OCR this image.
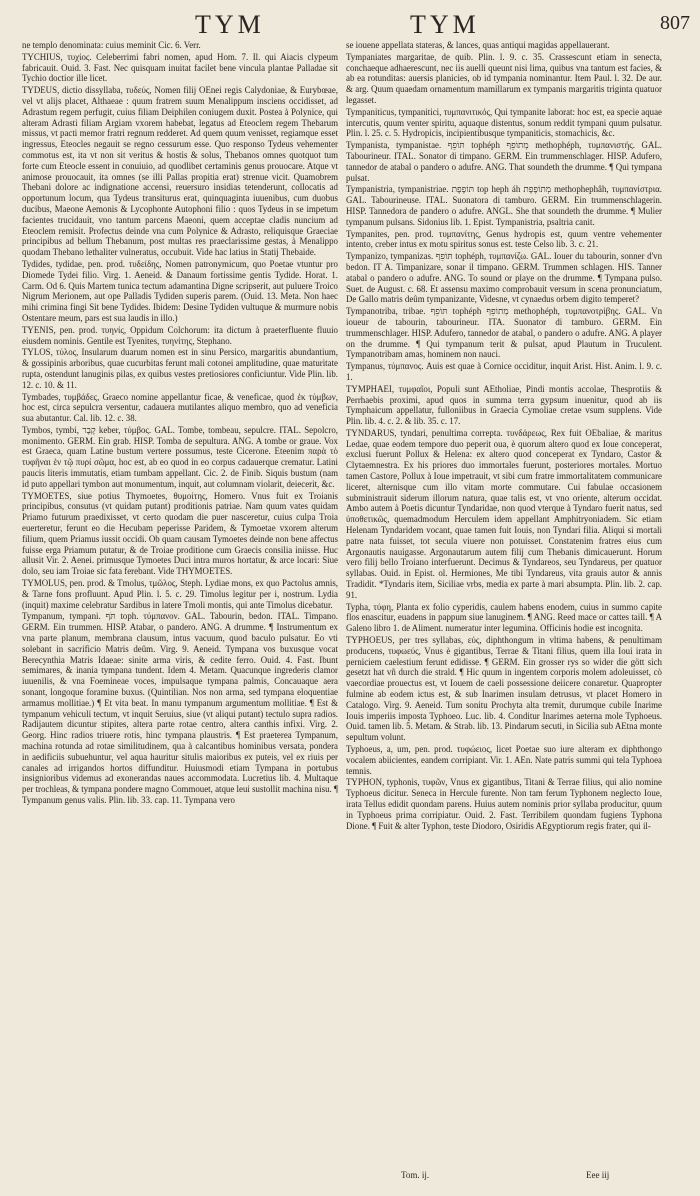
TYM	TYM	807

ne templo denominata: cuius meminit Cic. 6. Verr.

TYCHIUS, τυχίος. Celeberrimi fabri nomen, apud Hom. 7. Il. qui Aiacis clypeum fabricauit. Ouid. 3. Fast. Nec quisquam inuitat facilet bene vincula plantae Palladae sit Tychio doctior ille licet.

TYDEUS, dictio dissyllaba, τυδεύς, Nomen filij OEnei regis Calydoniae, & Eurybœae, vel vt alijs placet, Althaeae : quum fratrem suum Menalippum insciens occidisset, ad Adrastum regem perfugit, cuius filiam Deiphilen coniugem duxit. Postea à Polynice, qui alteram Adrasti filiam Argiam vxorem habebat, legatus ad Eteoclem regem Thebarum missus, vt pacti memor fratri regnum redderet. Ad quem quum venisset, regiamque esset ingressus, Eteocles negauit se regno cessurum esse. Quo responso Tydeus vehementer commotus est, ita vt non sit veritus & hostis & solus, Thebanos omnes quotquot tum forte cum Eteocle essent in conuiuio, ad quodlibet certaminis genus prouocare. Atque vt animose prouocauit, ita omnes (se illi Pallas propitia erat) strenue vicit. Quamobrem Thebani dolore ac indignatione accensi, reuersuro insidias tetenderunt, collocatis ad opportunum locum, qua Tydeus transiturus erat, quinquaginta iuuenibus, cum duobus ducibus, Maeone Aemonis & Lycophonte Autophoni filio : quos Tydeus in se impetum facientes trucidauit, vno tantum parcens Maeoni, quem acceptae cladis nuncium ad Eteoclem remisit. Profectus deinde vna cum Polynice & Adrasto, reliquisque Graeciae principibus ad bellum Thebanum, post multas res praeclarissime gestas, à Menalippo quodam Thebano lethaliter vulneratus, occubuit. Vide hac latius in Statij Thebaide.

Tydides, tydidae, pen. prod. τυδείδης, Nomen patronymicum, quo Poetae vtuntur pro Diomede Tydei filio. Virg. 1. Aeneid. & Danaum fortissime gentis Tydide. Horat. 1. Carm. Od 6. Quis Martem tunica tectum adamantina Digne scripserit, aut puluere Troico Nigrum Merionem, aut ope Palladis Tydiden superis parem. (Ouid. 13. Meta. Non haec mihi crimina fingi Sit bene Tydides. Ibidem: Desine Tydiden vultuque & murmure nobis Ostentare meum, pars est sua laudis in illo.)

TYENIS, pen. prod. τυηνίς, Oppidum Colchorum: ita dictum à praeterfluente fluuio eiusdem nominis. Gentile est Tyenites, τυηνίτης, Stephano.

TYLOS, τύλος, Insularum duarum nomen est in sinu Persico, margaritis abundantium, & gossipinis arboribus, quae cucurbitas ferunt mali cotonei amplitudine, quae maturitate rupta, ostendunt lanuginis pilas, ex quibus vestes pretiosiores conficiuntur. Vide Plin. lib. 12. c. 10. & 11.

Tymbades, τυμβάδες, Graeco nomine appellantur ficae, & veneficae, quod ἐκ τύμβων, hoc est, circa sepulcra versentur, cadauera mutilantes aliquo membro, quo ad veneficia sua abutantur. Cal. lib. 12. c. 38.

Tymbos, tymbi, קֶבֶר keber, τύμβος. GAL. Tombe, tombeau, sepulcre. ITAL. Sepolcro, monimento. GERM. Ein grab. HISP. Tomba de sepultura. ANG. A tombe or graue. Vox est Graeca, quam Latine bustum vertere possumus, teste Cicerone. Eteenim παρὰ τὸ τυφῆναι ἐν τῷ πυρί σῶμα, hoc est, ab eo quod in eo corpus cadauerque crematur. Latini paucis literis immutatis, etiam tumbam appellant. Cic. 2. de Finib. Siquis bustum (nam id puto appellari tymbon aut monumentum, inquit, aut columnam violarit, deiecerit, &c.

TYMOETES, siue potius Thymoetes, θυμοίτης, Homero. Vnus fuit ex Troianis principibus, consutus (vt quidam putant) proditionis patriae. Nam quum vates quidam Priamo futurum praedixisset, vt certo quodam die puer nasceretur, cuius culpa Troia euerteretur, ferunt eo die Hecubam peperisse Paridem, & Tymoetae vxorem alterum filium, quem Priamus iussit occidi. Ob quam causam Tymoetes deinde non bene affectus fuisse erga Priamum putatur, & de Troiae proditione cum Graecis consilia iniisse. Huc allusit Vir. 2. Aenei. primusque Tymoetes Duci intra muros hortatur, & arce locari: Siue dolo, seu iam Troiae sic fata ferebant. Vide THYMOETES.

TYMOLUS, pen. prod. & Tmolus, τμῶλος, Steph. Lydiae mons, ex quo Pactolus amnis, & Tarne fons profluunt. Apud Plin. l. 5. c. 29. Timolus legitur per i, nostrum. Lydia (inquit) maxime celebratur Sardibus in latere Tmoli montis, qui ante Timolus dicebatur.

Tympanum, tympani. תֹּף toph. τύμπανον. GAL. Tabourin, bedon. ITAL. Timpano. GERM. Ein trummen. HISP. Atabar, o pandero. ANG. A drumme. ¶ Instrumentum ex vna parte planum, membrana clausum, intus vacuum, quod baculo pulsatur. Eo vti solebant in sacrificio Matris deûm. Virg. 9. Aeneid. Tympana vos buxusque vocat Berecynthia Matris Idaeae: sinite arma viris, & cedite ferro. Ouid. 4. Fast. Ibunt semimares, & inania tympana tundent. Idem 4. Metam. Quacunque ingrederis clamor iuuenilis, & vna Foemineae voces, impulsaque tympana palmis, Concauaque aera sonant, longoque foramine buxus. (Quintilian. Nos non arma, sed tympana eloquentiae armamus mollitiae.) ¶ Et vita beat. In manu tympanum argumentum mollitiae. ¶ Est & tympanum vehiculi tectum, vt inquit Seruius, siue (vt aliqui putant) tectulo supra radios. Radijautem dicuntur stipites, altera parte rotae centro, altera canthis infixi. Virg. 2. Georg. Hinc radios triuere rotis, hinc tympana plaustris. ¶ Est praeterea Tympanum, machina rotunda ad rotae similitudinem, qua à calcantibus hominibus versata, pondera in aedificiis subuehuntur, vel aqua hauritur situlis maioribus ex puteis, vel ex riuis per canales ad irrigandos hortos diffunditur. Huiusmodi etiam Tympana in portubus insignioribus videmus ad exonerandas naues accommodata. Lucretius lib. 4. Multaque per trochleas, & tympana pondere magno Commouet, atque leui sustollit machina nisu. ¶ Tympanum genus valis. Plin. lib. 33. cap. 11. Tympana vero

se iouene appellata stateras, & lances, quas antiqui magidas appellauerant.

Tympaniates margaritae, de quib. Plin. l. 9. c. 35. Crassescunt etiam in senecta, conchaeque adhaerescunt, nec iis auelli queunt nisi lima, quibus vna tantum est facies, & ab ea rotunditas: auersis planicies, ob id tympania nominantur. Item Paul. l. 32. De aur. & arg. Quum quaedam ornamentum mamillarum ex tympanis margaritis triginta quatuor legasset.

Tympaniticus, tympanitici, τυμπανιτικός, Qui tympanite laborat: hoc est, ea specie aquae intercutis, quum venter spiritu, aquaque distentus, sonum reddit tympani quum pulsatur. Plin. l. 25. c. 5. Hydropicis, incipientibusque tympaniticis, stomachicis, &c.

Tympanista, tympanistae. תּוֹפֵף tophéph מְתוֹפֵף methophéph, τυμπανιστής. GAL. Tabourineur. ITAL. Sonator di timpano. GERM. Ein trummenschlager. HISP. Adufero, tannedor de atabal o pandero o adufre. ANG. That soundeth the drumme. ¶ Qui tympana pulsat.

Tympanistria, tympanistriae. תּוֹפֶפֶת top heph áh מְתוֹפֶפֶת methophephâh, τυμπανίστρια. GAL. Tabourineuse. ITAL. Suonatora di tamburo. GERM. Ein trummenschlagerin. HISP. Tannedora de pandero o adufre. ANGL. She that soundeth the drumme. ¶ Mulier tympanum pulsans. Sidonius lib. 1. Epist. Tympanistria, psaltria canit.

Tympanites, pen. prod. τυμπανίτης, Genus hydropis est, quum ventre vehementer intento, creber intus ex motu spiritus sonus est. teste Celso lib. 3. c. 21.

Tympanizo, tympanizas. תּוֹפֵף tophéph, τυμπανίζω. GAL. Iouer du tabourin, sonner d'vn bedon. IT A. Timpanizare, sonar il timpano. GERM. Trummen schlagen. HIS. Tanner atabal o pandero o adufre. ANG. To sound or playe on the drumme. ¶ Tympana pulso. Suet. de August. c. 68. Et assensu maximo comprobauit versum in scena pronunciatum, De Gallo matris deûm tympanizante, Videsne, vt cynaedus orbem digito temperet?

Tympanotriba, tribae. תּוֹפֵף tophéph מְתוֹפֵף methophéph, τυμπανοτρίβης. GAL. Vn ioueur de tabourin, tabourineur. ITA. Suonator di tamburo. GERM. Ein trummenschlager. HISP. Adufero, tannedor de atabal, o pandero o adufre. ANG. A player on the drumme. ¶ Qui tympanum terit & pulsat, apud Plautum in Truculent. Tympanotribam amas, hominem non nauci.

Tympanus, τύμπανος. Auis est quae à Cornice occiditur, inquit Arist. Hist. Anim. l. 9. c. 1.

TYMPHAEI, τυμφαῖοι, Populi sunt AEtholiae, Pindi montis accolae, Thesprotiis & Perrhaebis proximi, apud quos in summa terra gypsum inuenitur, quod ab iis Tymphaicum appellatur, fulloniibus in Graecia Cymoliae cretae vsum supplens. Vide Plin. lib. 4. c. 2. & lib. 35. c. 17.

TYNDARUS, tyndari, penultima correpta. τυνδάρεως, Rex fuit OEbaliae, & maritus Ledae, quae eodem tempore duo peperit oua, è quorum altero quod ex Ioue conceperat, exclusi fuerunt Pollux & Helena: ex altero quod conceperat ex Tyndaro, Castor & Clytaemnestra. Ex his priores duo immortales fuerunt, posteriores mortales. Mortuo tamen Castore, Pollux à Ioue impetrauit, vt sibi cum fratre immortalitatem communicare liceret, alternisque cum illo vitam morte commutare. Cui fabulae occasionem subministrauit siderum illorum natura, quae talis est, vt vno oriente, alterum occidat. Ambo autem à Poetis dicuntur Tyndaridae, non quod vterque à Tyndaro fuerit natus, sed ὑποθετικῶς, quemadmodum Herculem idem appellant Amphitryoniadem. Sic etiam Helenam Tyndaridem vocant, quae tamen fuit Iouis, non Tyndari filia. Aliqui si mortali patre nata fuisset, tot secula viuere non potuisset. Constatenim fratres eius cum Argonautis nauigasse. Argonautarum autem filij cum Thebanis dimicauerunt. Horum vero filij bello Troiano interfuerunt. Decimus & Tyndareos, seu Tyndareus, per quatuor syllabas. Ouid. in Epist. ol. Hermiones, Me tibi Tyndareus, vita grauis autor & annis Tradidit. *Tyndaris item, Siciliae vrbs, media ex parte à mari absumpta. Plin. lib. 2. cap. 91.

Typha, τύφη, Planta ex folio cyperidis, caulem habens enodem, cuius in summo capite flos enascitur, euadens in pappum siue lanuginem. ¶ ANG. Reed mace or cattes taill. ¶ A Galeno libro 1. de Aliment. numeratur inter legumina. Officinis hodie est incognita.

TYPHOEUS, per tres syllabas, εὐς, diphthongum in vltima habens, & penultimam producens, τυφωεύς, Vnus è gigantibus, Terrae & Titani filius, quem illa Ioui irata in perniciem caelestium ferunt edidisse. ¶ GERM. Ein grosser rys so wider die gött sich gesetzt hat vñ durch die strald. ¶ Hic quum in ingentem corporis molem adoleuisset, cò vaecordiae prouectus est, vt Iouem de caeli possessione deiicere conaretur. Quapropter fulmine ab eodem ictus est, & sub Inarimen insulam detrusus, vt placet Homero in Catalogo. Virg. 9. Aeneid. Tum sonitu Prochyta alta tremit, durumque cubile Inarime Iouis imperiis imposta Typhoeo. Luc. lib. 4. Conditur Inarimes aeterna mole Typhoeus. Ouid. tamen lib. 5. Metam. & Strab. lib. 13. Pindarum secuti, in Sicilia sub AEtna monte sepultum volunt.

Typhoeus, a, um, pen. prod. τυφώειος, licet Poetae suo iure alteram ex diphthongo vocalem abiicientes, eandem corripiant. Vir. 1. AEn. Nate patris summi qui tela Typhoea temnis.

TYPHON, typhonis, τυφῶν, Vnus ex gigantibus, Titani & Terrae filius, qui alio nomine Typhoeus dicitur. Seneca in Hercule furente. Non tam ferum Typhonem neglecto Ioue, irata Tellus edidit quondam parens. Huius autem nominis prior syllaba producitur, quum in Typhoeus prima corripiatur. Ouid. 2. Fast. Terribilem quondam fugiens Typhona Dione. ¶ Fuit & alter Typhon, teste Diodoro, Osiridis AEgyptiorum regis frater, qui il-

Tom. ij.	Eee iij
